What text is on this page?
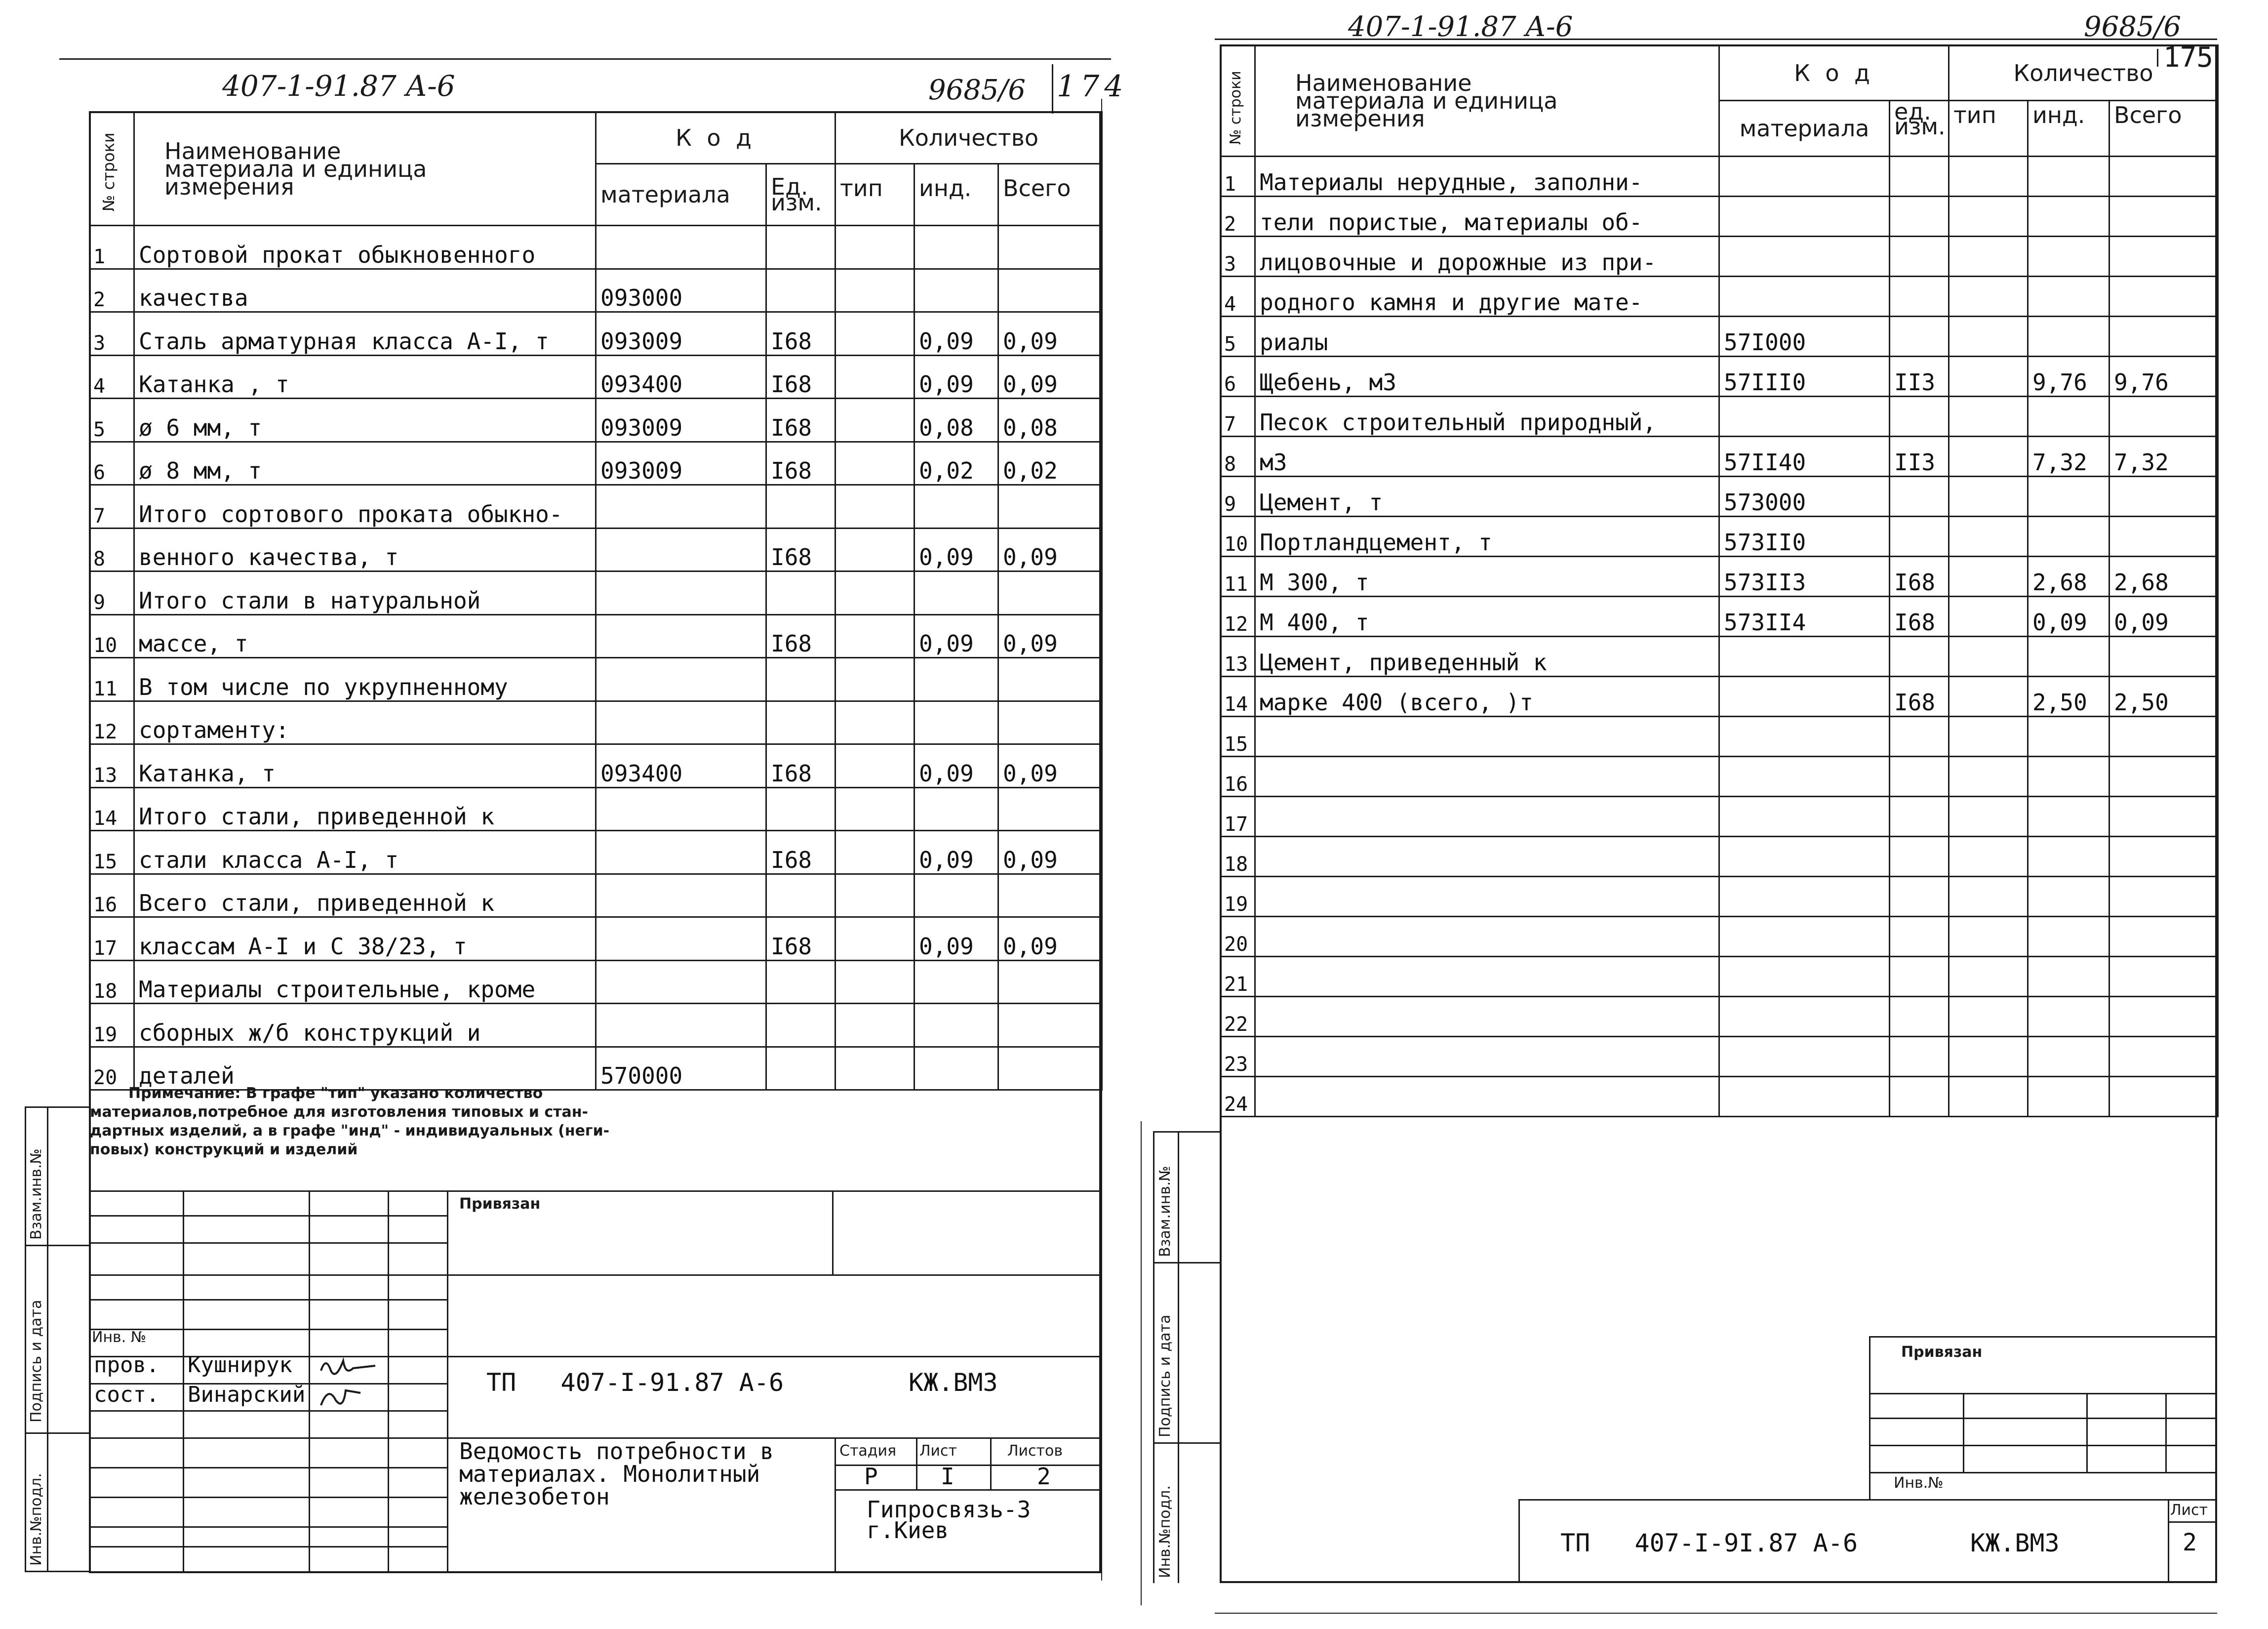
407-1-91.87 А-6	9685/6 174
№ строки	Наименование материала и единица измерения	К о д		Количество		
		материала	Ед. изм.	тип	инд.	Всего
1	Сортовой прокат обыкновенного					
2	качества	093000				
3	Сталь арматурная класса А-I, т	093009	I68		0,09	0,09
4	Катанка , т	093400	I68		0,09	0,09
5	ø 6 мм, т	093009	I68		0,08	0,08
6	ø 8 мм, т	093009	I68		0,02	0,02
7	Итого сортового проката обыкно-					
8	венного качества, т		I68		0,09	0,09
9	Итого стали в натуральной					
10	массе, т		I68		0,09	0,09
11	В том числе по укрупненному					
12	сортаменту:					
13	Катанка, т	093400	I68		0,09	0,09
14	Итого стали, приведенной к					
15	стали класса А-I, т		I68		0,09	0,09
16	Всего стали, приведенной к					
17	классам А-I и С 38/23, т		I68		0,09	0,09
18	Материалы строительные, кроме					
19	сборных ж/б конструкций и					
20	деталей	570000				
Примечание: В графе "тип" указано количество
материалов,потребное для изготовления типовых и стан-
дартных изделий, а в графе "инд" - индивидуальных (неги-
повых) конструкций и изделий
Взам.инв.№
Подпись и дата
Инв.№подл.
Привязан
Инв. №
пров. Кушнирук
сост. Винарский	ТП   407-I-91.87 А-6	КЖ.ВМЗ
Ведомость потребности в
материалах. Монолитный
железобетон
Стадия Лист	Листов
Р	I	2
Гипросвязь-3
г.Киев
407-1-91.87 А-6	9685/6
№ строки	Наименование материала и единица измерения	К о д		Количество 175		

		материала	ед. изм.	тип	инд.	Всего
1	Материалы нерудные, заполни-					
2	тели пористые, материалы об-					
3	лицовочные и дорожные из при-					
4	родного камня и другие мате-					
5	риалы	57I000				
6	Щебень, м3	57III0	II3		9,76	9,76
7	Песок строительный природный,					
8	м3	57II40	II3		7,32	7,32
9	Цемент, т	573000				
10	Портландцемент, т	573II0				
11	М 300, т	573II3	I68		2,68	2,68
12	М 400, т	573II4	I68		0,09	0,09
13	Цемент, приведенный к					
14	марке 400 (всего, )т		I68		2,50	2,50
15						
16						
17						
18						
19						
20						
21						
22						
23						
24						
Взам.инв.№
Подпись и дата
Инв.№подл.
Привязан
Инв.№
ТП   407-I-9I.87 А-6	КЖ.ВМЗ
Лист
2
